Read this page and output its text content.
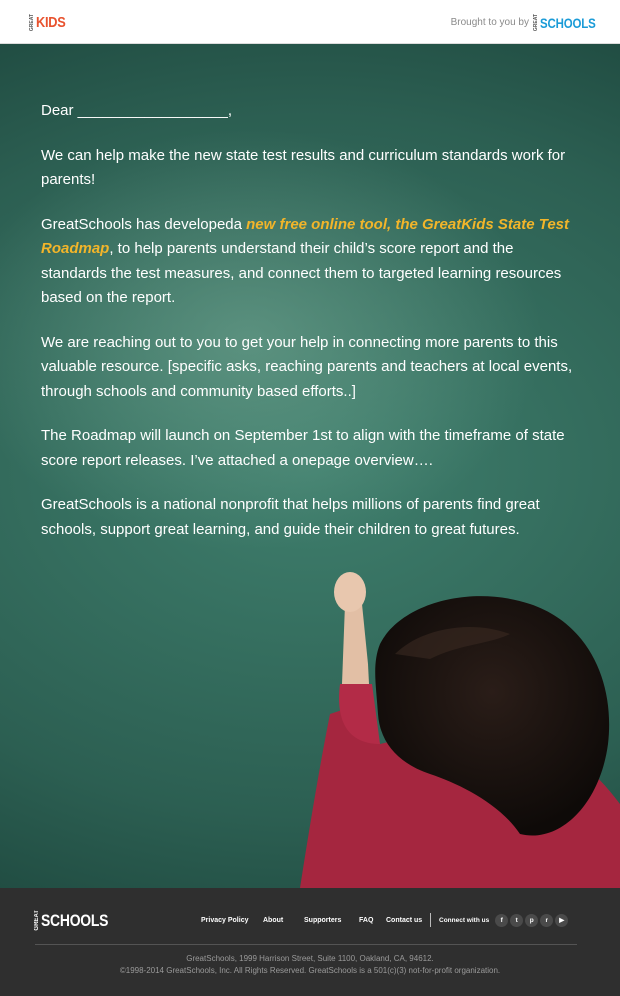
GREAT KIDS	Brought to you by GREAT SCHOOLS

Dear __________________,

We can help make the new state test results and curriculum standards work for parents!

GreatSchools has developeda new free online tool, the GreatKids State Test Roadmap, to help parents understand their child’s score report and the standards the test measures, and connect them to targeted learning resources based on the report.

We are reaching out to you to get your help in connecting more parents to this valuable resource. [specific asks, reaching parents and teachers at local events, through schools and community based efforts..]

The Roadmap will launch on September 1st to align with the timeframe of state score report releases. I’ve attached a onepage overview….

GreatSchools is a national nonprofit that helps millions of parents find great schools, support great learning, and guide their children to great futures.

GREAT SCHOOLS	Privacy Policy	About	Supporters	FAQ	Contact us	Connect with us	f	t	p	r	▶
GreatSchools, 1999 Harrison Street, Suite 1100, Oakland, CA, 94612.
©1998-2014 GreatSchools, Inc. All Rights Reserved. GreatSchools is a 501(c)(3) not-for-profit organization.
